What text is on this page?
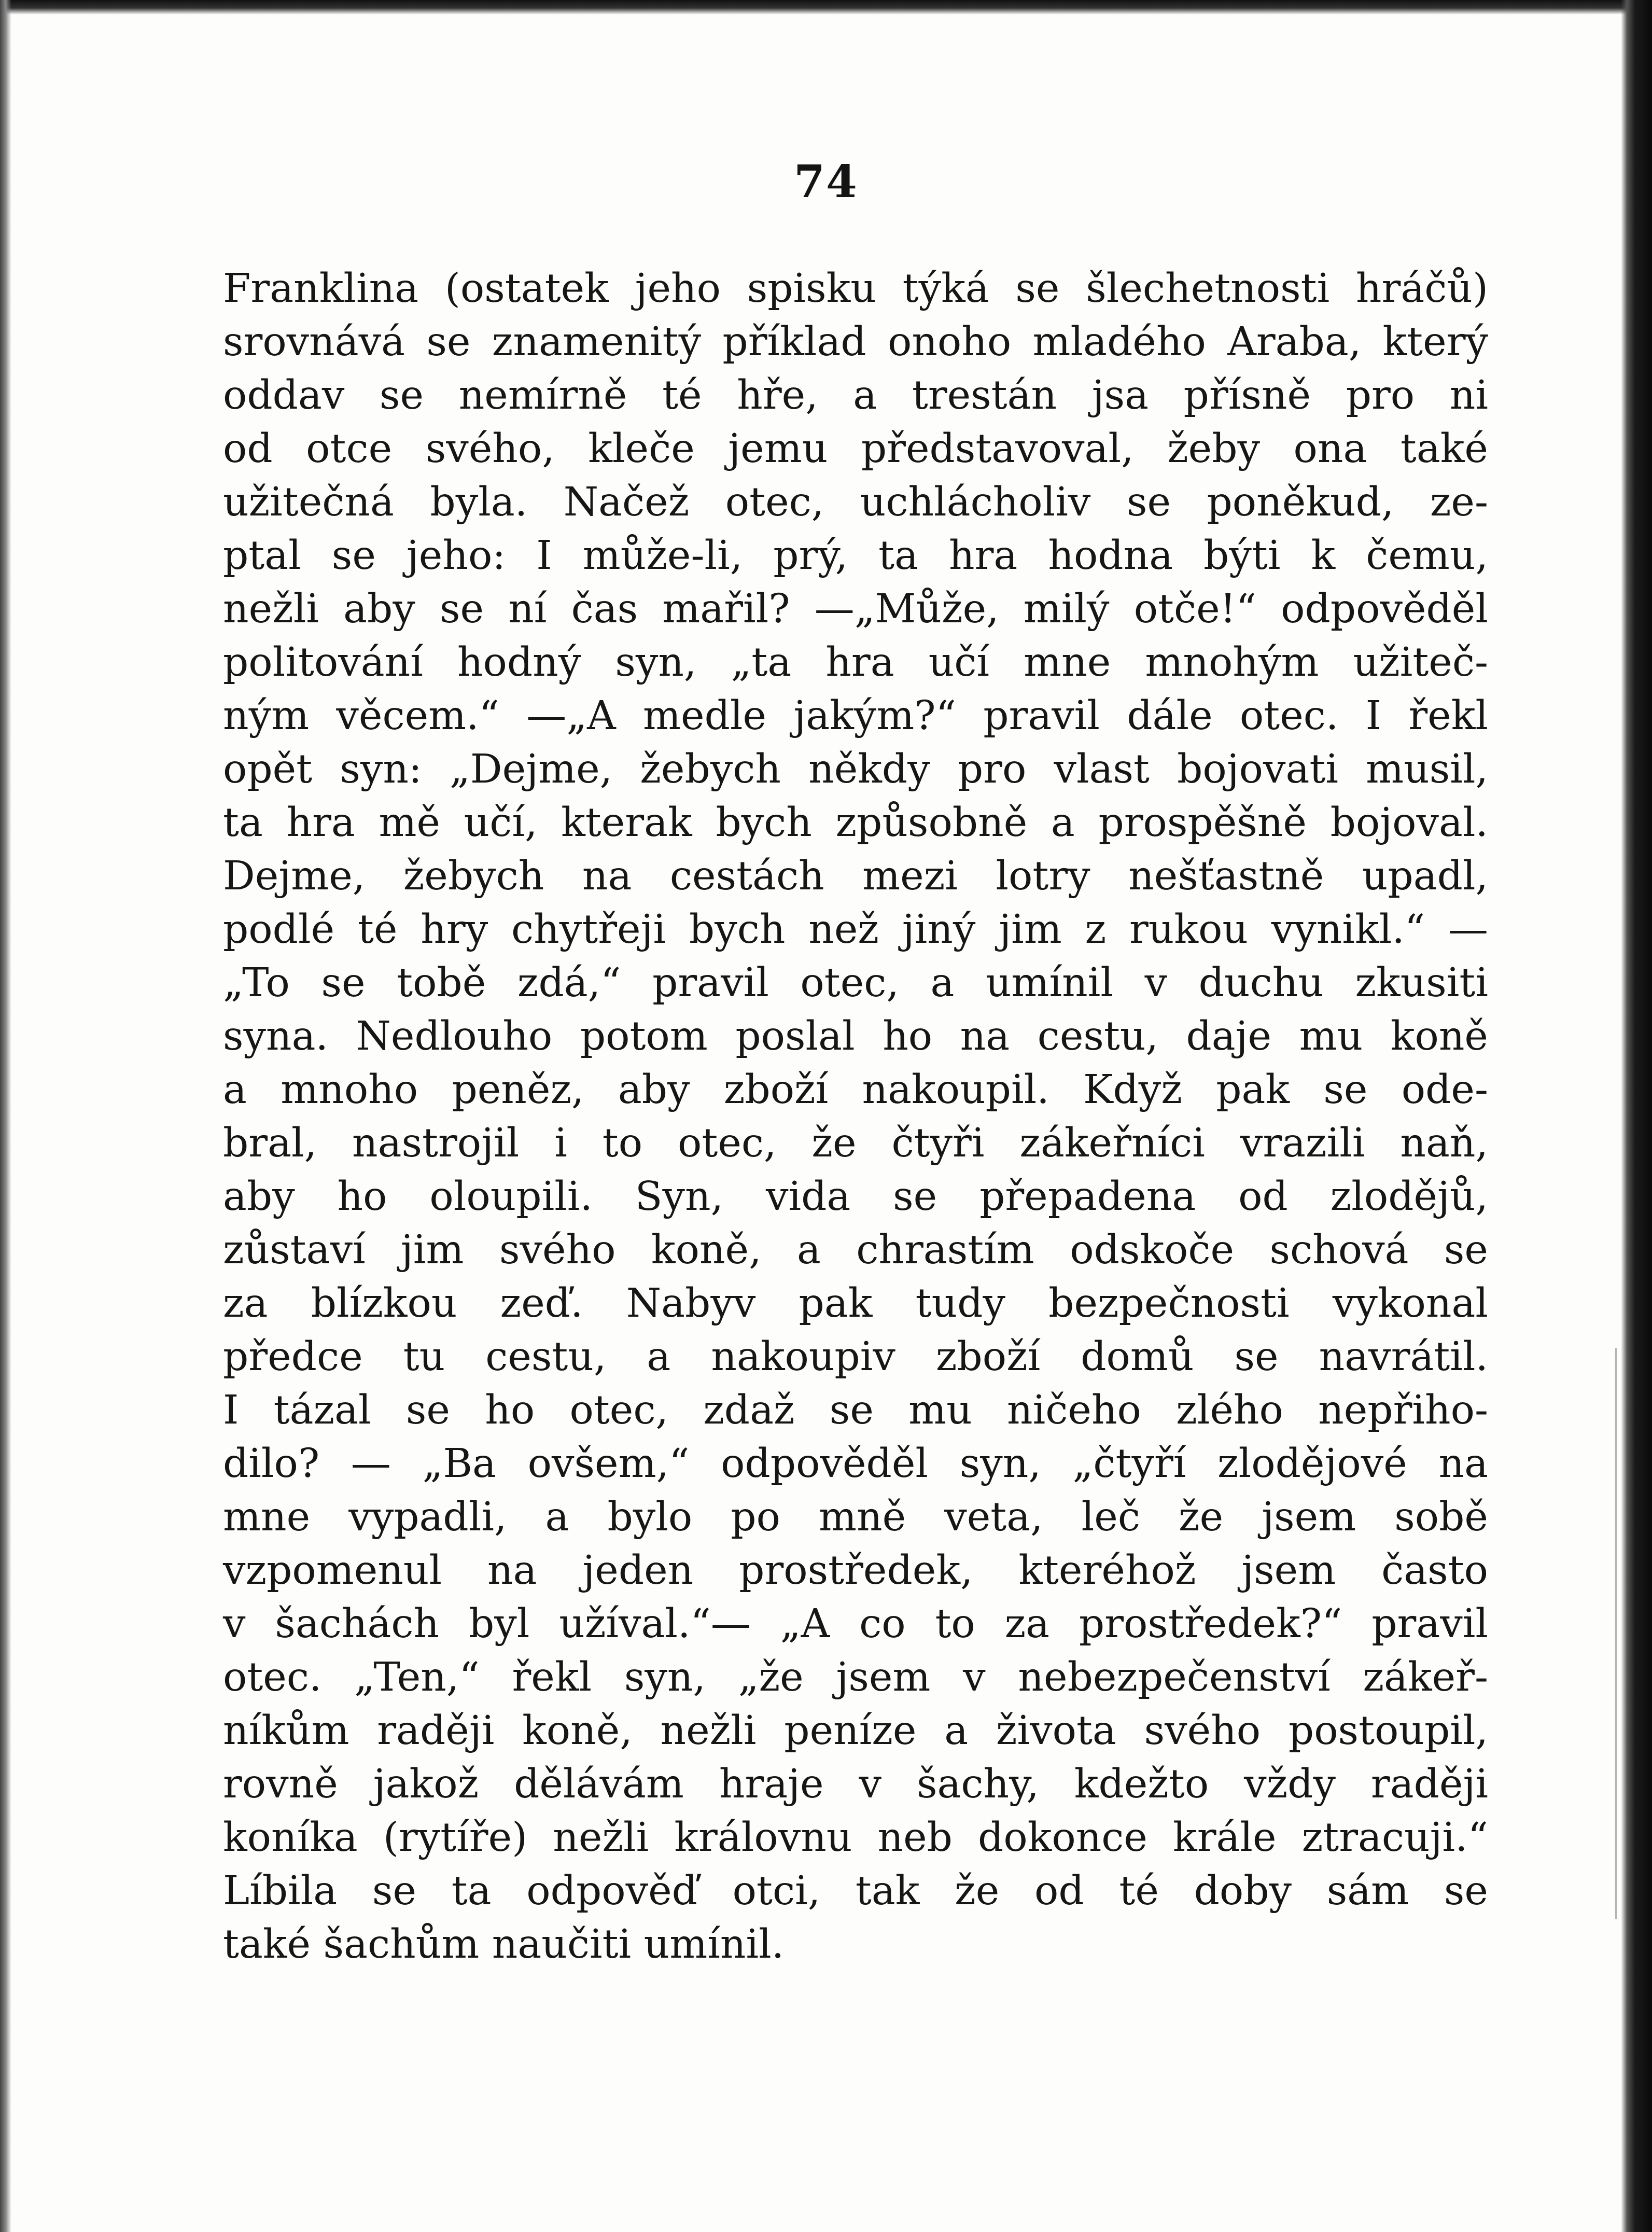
74
Franklina (ostatek jeho spisku týká se šlechetnosti hráčů)
srovnává se znamenitý příklad onoho mladého Araba, který
oddav se nemírně té hře, a trestán jsa přísně pro ni
od otce svého, kleče jemu představoval, žeby ona také
užitečná byla. Načež otec, uchlácholiv se poněkud, ze-
ptal se jeho: I může-li, prý, ta hra hodna býti k čemu,
nežli aby se ní čas mařil? —„Může, milý otče!“ odpověděl
politování hodný syn, „ta hra učí mne mnohým užiteč-
ným věcem.“ —„A medle jakým?“ pravil dále otec. I řekl
opět syn: „Dejme, žebych někdy pro vlast bojovati musil,
ta hra mě učí, kterak bych způsobně a prospěšně bojoval.
Dejme, žebych na cestách mezi lotry nešťastně upadl,
podlé té hry chytřeji bych než jiný jim z rukou vynikl.“ —
„To se tobě zdá,“ pravil otec, a umínil v duchu zkusiti
syna. Nedlouho potom poslal ho na cestu, daje mu koně
a mnoho peněz, aby zboží nakoupil. Když pak se ode-
bral, nastrojil i to otec, že čtyři zákeřníci vrazili naň,
aby ho oloupili. Syn, vida se přepadena od zlodějů,
zůstaví jim svého koně, a chrastím odskoče schová se
za blízkou zeď. Nabyv pak tudy bezpečnosti vykonal
předce tu cestu, a nakoupiv zboží domů se navrátil.
I tázal se ho otec, zdaž se mu ničeho zlého nepřiho-
dilo? — „Ba ovšem,“ odpověděl syn, „čtyří zlodějové na
mne vypadli, a bylo po mně veta, leč že jsem sobě
vzpomenul na jeden prostředek, kteréhož jsem často
v šachách byl užíval.“— „A co to za prostředek?“ pravil
otec. „Ten,“ řekl syn, „že jsem v nebezpečenství zákeř-
níkům raději koně, nežli peníze a života svého postoupil,
rovně jakož dělávám hraje v šachy, kdežto vždy raději
koníka (rytíře) nežli královnu neb dokonce krále ztracuji.“
Líbila se ta odpověď otci, tak že od té doby sám se
také šachům naučiti umínil.
